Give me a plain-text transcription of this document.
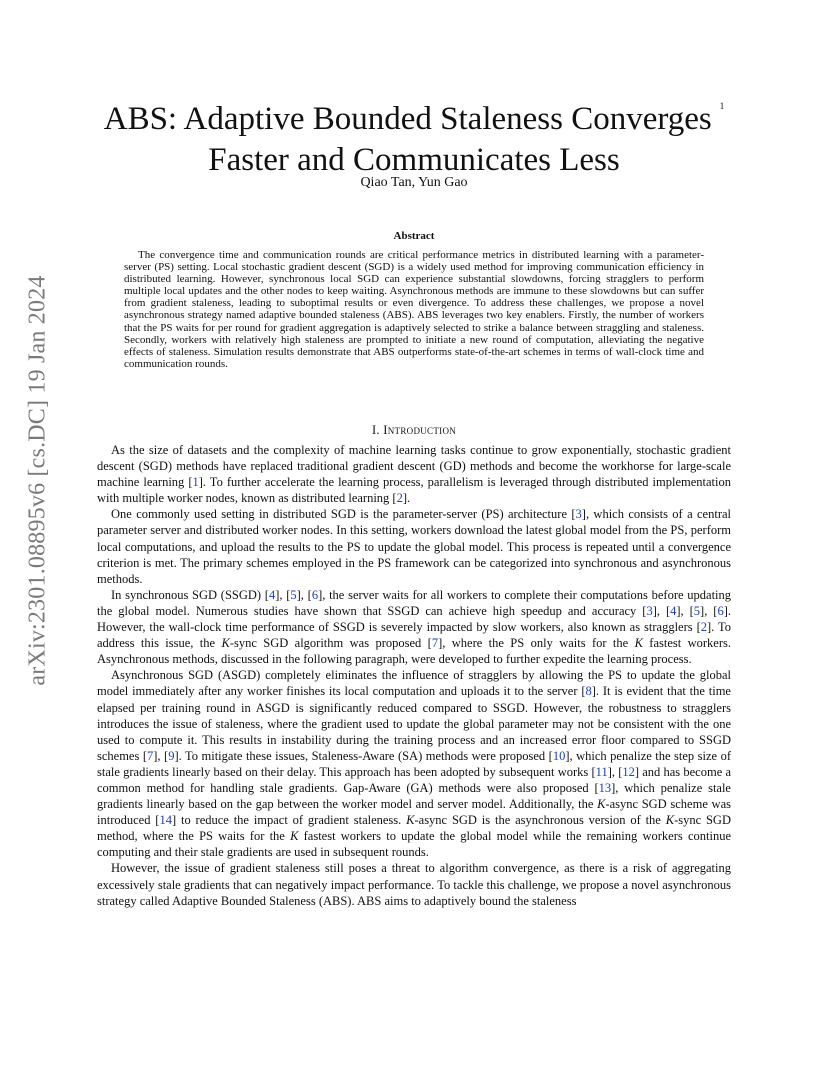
arXiv:2301.08895v6 [cs.DC] 19 Jan 2024
ABS: Adaptive Bounded Staleness Converges $^1$
Faster and Communicates Less
Qiao Tan, Yun Gao
Abstract

The convergence time and communication rounds are critical performance metrics in distributed learning with a parameter-server (PS) setting. Local stochastic gradient descent (SGD) is a widely used method for improving communication efficiency in distributed learning. However, synchronous local SGD can experience substantial slowdowns, forcing stragglers to perform multiple local updates and the other nodes to keep waiting. Asynchronous methods are immune to these slowdowns but can suffer from gradient staleness, leading to suboptimal results or even divergence. To address these challenges, we propose a novel asynchronous strategy named adaptive bounded staleness (ABS). ABS leverages two key enablers. Firstly, the number of workers that the PS waits for per round for gradient aggregation is adaptively selected to strike a balance between straggling and staleness. Secondly, workers with relatively high staleness are prompted to initiate a new round of computation, alleviating the negative effects of staleness. Simulation results demonstrate that ABS outperforms state-of-the-art schemes in terms of wall-clock time and communication rounds.

I. Introduction

As the size of datasets and the complexity of machine learning tasks continue to grow exponentially, stochastic gradient descent (SGD) methods have replaced traditional gradient descent (GD) methods and become the workhorse for large-scale machine learning [1]. To further accelerate the learning process, parallelism is leveraged through distributed implementation with multiple worker nodes, known as distributed learning [2].

One commonly used setting in distributed SGD is the parameter-server (PS) architecture [3], which consists of a central parameter server and distributed worker nodes. In this setting, workers download the latest global model from the PS, perform local computations, and upload the results to the PS to update the global model. This process is repeated until a convergence criterion is met. The primary schemes employed in the PS framework can be categorized into synchronous and asynchronous methods.

In synchronous SGD (SSGD) [4], [5], [6], the server waits for all workers to complete their computations before updating the global model. Numerous studies have shown that SSGD can achieve high speedup and accuracy [3], [4], [5], [6]. However, the wall-clock time performance of SSGD is severely impacted by slow workers, also known as stragglers [2]. To address this issue, the K-sync SGD algorithm was proposed [7], where the PS only waits for the K fastest workers. Asynchronous methods, discussed in the following paragraph, were developed to further expedite the learning process.

Asynchronous SGD (ASGD) completely eliminates the influence of stragglers by allowing the PS to update the global model immediately after any worker finishes its local computation and uploads it to the server [8]. It is evident that the time elapsed per training round in ASGD is significantly reduced compared to SSGD. However, the robustness to stragglers introduces the issue of staleness, where the gradient used to update the global parameter may not be consistent with the one used to compute it. This results in instability during the training process and an increased error floor compared to SSGD schemes [7], [9]. To mitigate these issues, Staleness-Aware (SA) methods were proposed [10], which penalize the step size of stale gradients linearly based on their delay. This approach has been adopted by subsequent works [11], [12] and has become a common method for handling stale gradients. Gap-Aware (GA) methods were also proposed [13], which penalize stale gradients linearly based on the gap between the worker model and server model. Additionally, the K-async SGD scheme was introduced [14] to reduce the impact of gradient staleness. K-async SGD is the asynchronous version of the K-sync SGD method, where the PS waits for the K fastest workers to update the global model while the remaining workers continue computing and their stale gradients are used in subsequent rounds.

However, the issue of gradient staleness still poses a threat to algorithm convergence, as there is a risk of aggregating excessively stale gradients that can negatively impact performance. To tackle this challenge, we propose a novel asynchronous strategy called Adaptive Bounded Staleness (ABS). ABS aims to adaptively bound the staleness
